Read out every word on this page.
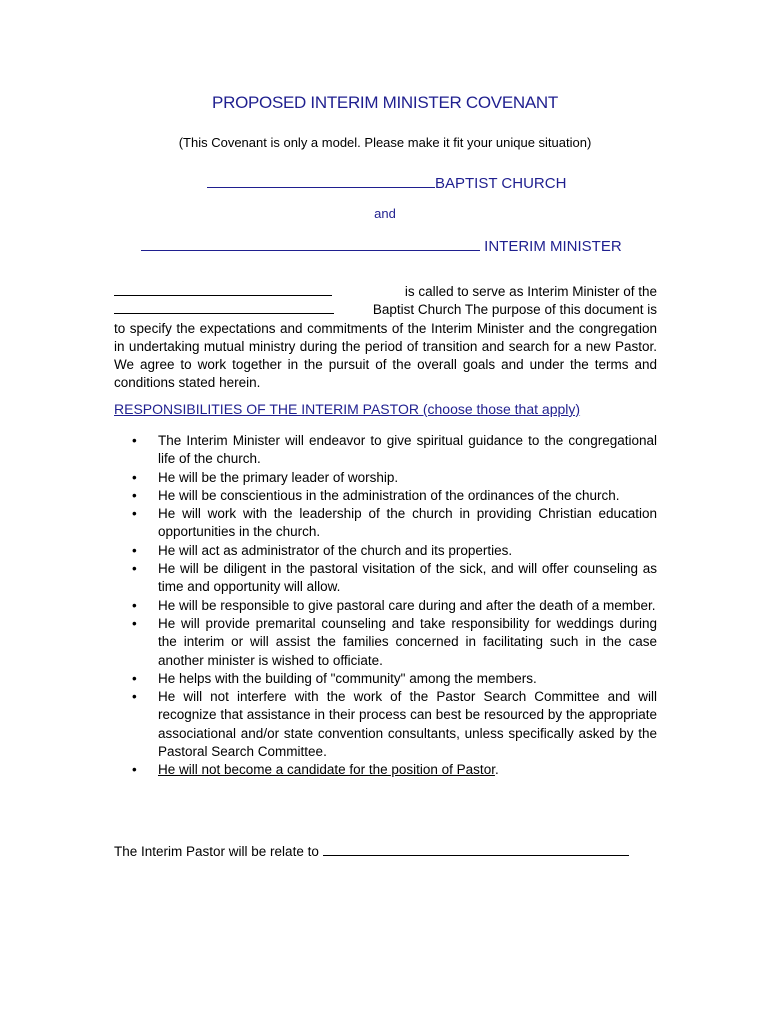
PROPOSED INTERIM MINISTER COVENANT
(This Covenant is only a model. Please make it fit your unique situation)
BAPTIST CHURCH
and
INTERIM MINISTER
is called to serve as Interim Minister of the
Baptist Church The purpose of this document is
to specify the expectations and commitments of the Interim Minister and the congregation in undertaking mutual ministry during the period of transition and search for a new Pastor. We agree to work together in the pursuit of the overall goals and under the terms and conditions stated herein.
RESPONSIBILITIES OF THE INTERIM PASTOR (choose those that apply)
• The Interim Minister will endeavor to give spiritual guidance to the congregational life of the church.
• He will be the primary leader of worship.
• He will be conscientious in the administration of the ordinances of the church.
• He will work with the leadership of the church in providing Christian education opportunities in the church.
• He will act as administrator of the church and its properties.
• He will be diligent in the pastoral visitation of the sick, and will offer counseling as time and opportunity will allow.
• He will be responsible to give pastoral care during and after the death of a member.
• He will provide premarital counseling and take responsibility for weddings during the interim or will assist the families concerned in facilitating such in the case another minister is wished to officiate.
• He helps with the building of "community" among the members.
• He will not interfere with the work of the Pastor Search Committee and will recognize that assistance in their process can best be resourced by the appropriate associational and/or state convention consultants, unless specifically asked by the Pastoral Search Committee.
• He will not become a candidate for the position of Pastor.
The Interim Pastor will be relate to
